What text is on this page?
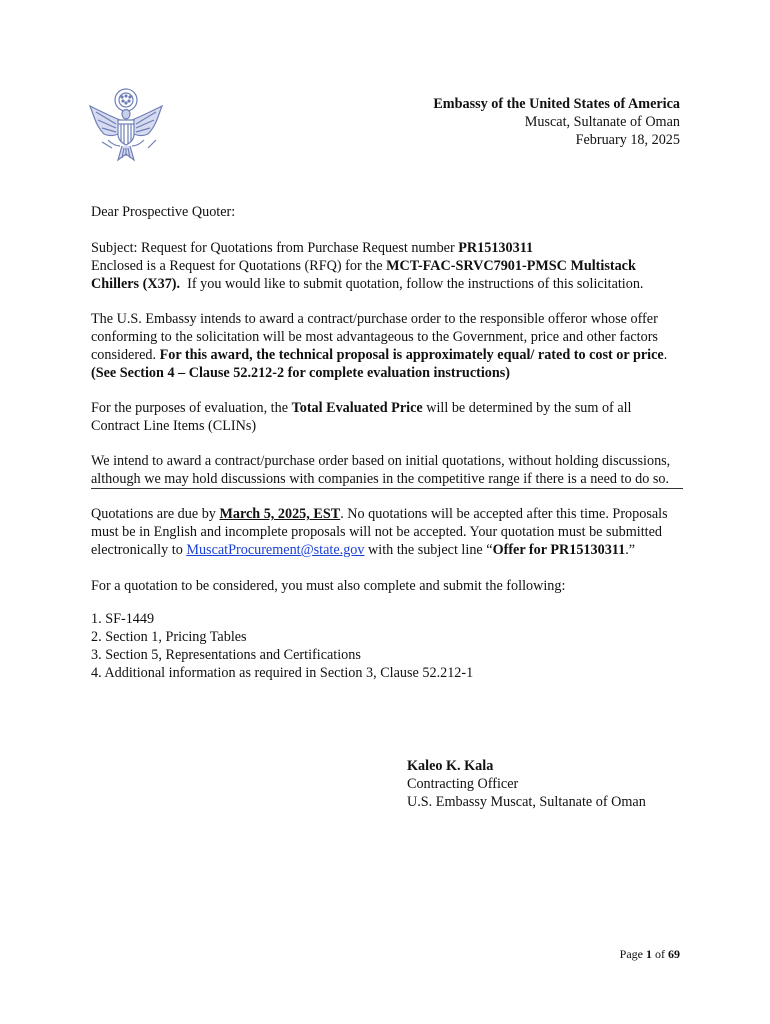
Embassy of the United States of America
Muscat, Sultanate of Oman
February 18, 2025

Dear Prospective Quoter:

Subject: Request for Quotations from Purchase Request number PR15130311
Enclosed is a Request for Quotations (RFQ) for the MCT-FAC-SRVC7901-PMSC Multistack Chillers (X37).  If you would like to submit quotation, follow the instructions of this solicitation.

The U.S. Embassy intends to award a contract/purchase order to the responsible offeror whose offer conforming to the solicitation will be most advantageous to the Government, price and other factors considered. For this award, the technical proposal is approximately equal/ rated to cost or price. (See Section 4 – Clause 52.212-2 for complete evaluation instructions)

For the purposes of evaluation, the Total Evaluated Price will be determined by the sum of all Contract Line Items (CLINs)

We intend to award a contract/purchase order based on initial quotations, without holding discussions, although we may hold discussions with companies in the competitive range if there is a need to do so.

Quotations are due by March 5, 2025, EST. No quotations will be accepted after this time. Proposals must be in English and incomplete proposals will not be accepted. Your quotation must be submitted electronically to MuscatProcurement@state.gov with the subject line “Offer for PR15130311.”

For a quotation to be considered, you must also complete and submit the following:

1. SF-1449
2. Section 1, Pricing Tables
3. Section 5, Representations and Certifications
4. Additional information as required in Section 3, Clause 52.212-1
Kaleo K. Kala
Contracting Officer
U.S. Embassy Muscat, Sultanate of Oman
Page 1 of 69
